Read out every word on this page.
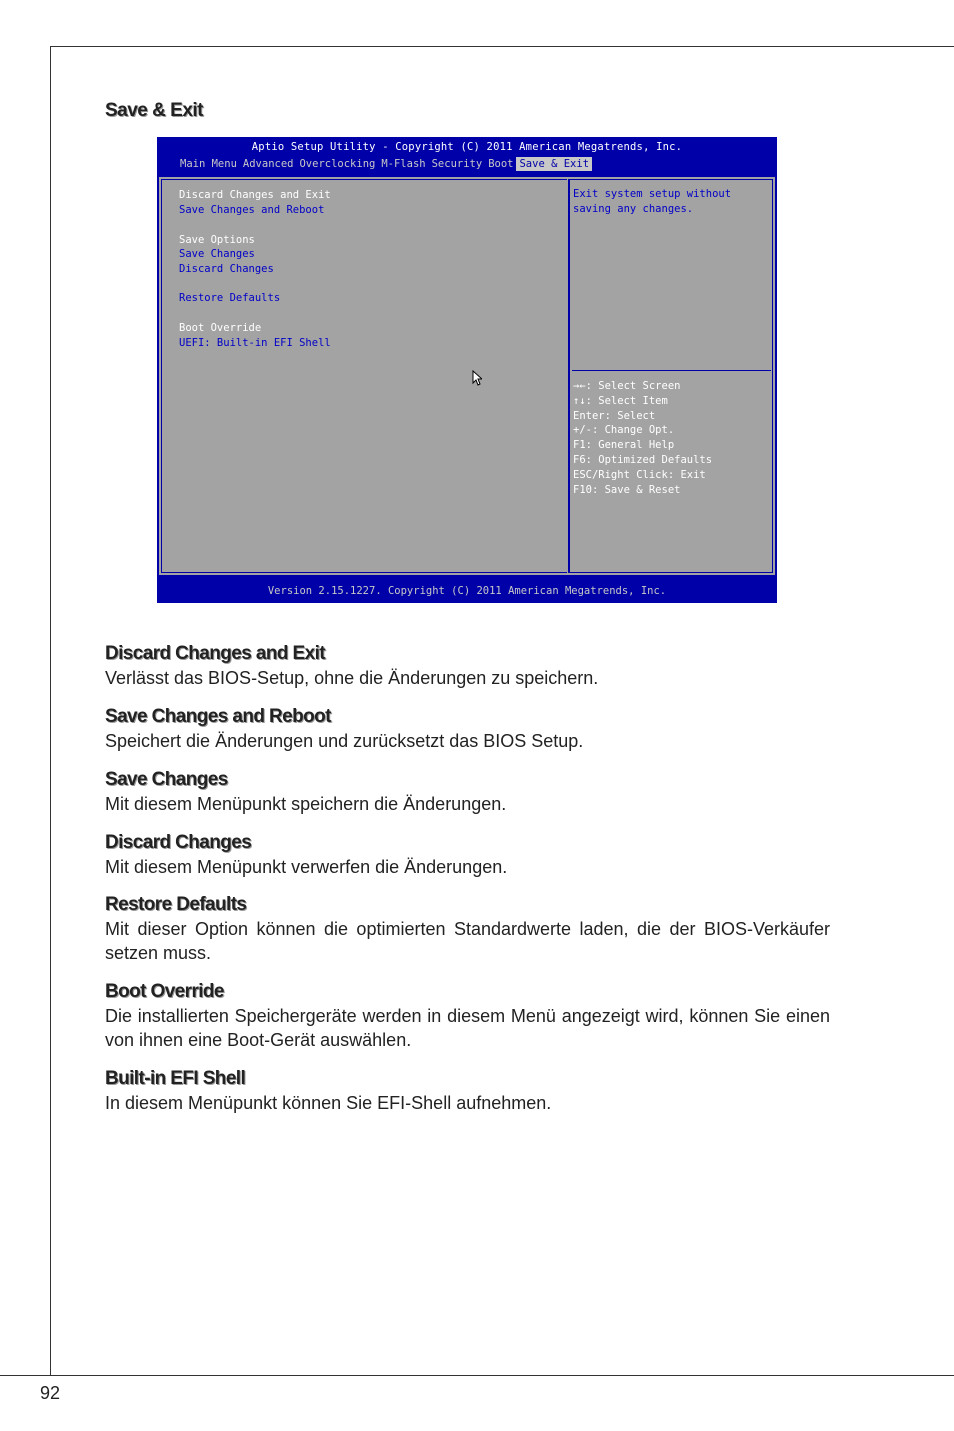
Save & Exit
Aptio Setup Utility - Copyright (C) 2011 American Megatrends, Inc.
Main Menu Advanced Overclocking M-Flash Security Boot Save & Exit
Discard Changes and Exit
Save Changes and Reboot
Save Options
Save Changes
Discard Changes
Restore Defaults
Boot Override
UEFI: Built-in EFI Shell
Exit system setup without saving any changes.
→←: Select Screen
↑↓: Select Item
Enter: Select
+/-: Change Opt.
F1: General Help
F6: Optimized Defaults
ESC/Right Click: Exit
F10: Save & Reset
Version 2.15.1227. Copyright (C) 2011 American Megatrends, Inc.

Discard Changes and Exit

Verlässt das BIOS-Setup, ohne die Änderungen zu speichern.

Save Changes and Reboot

Speichert die Änderungen und zurücksetzt das BIOS Setup.

Save Changes

Mit diesem Menüpunkt speichern die Änderungen.

Discard Changes

Mit diesem Menüpunkt verwerfen die Änderungen.

Restore Defaults

Mit dieser Option können die optimierten Standardwerte laden, die der BIOS-Verkäufer setzen muss.

Boot Override

Die installierten Speichergeräte werden in diesem Menü angezeigt wird, können Sie einen von ihnen eine Boot-Gerät auswählen.

Built-in EFI Shell

In diesem Menüpunkt können Sie EFI-Shell aufnehmen.

92
